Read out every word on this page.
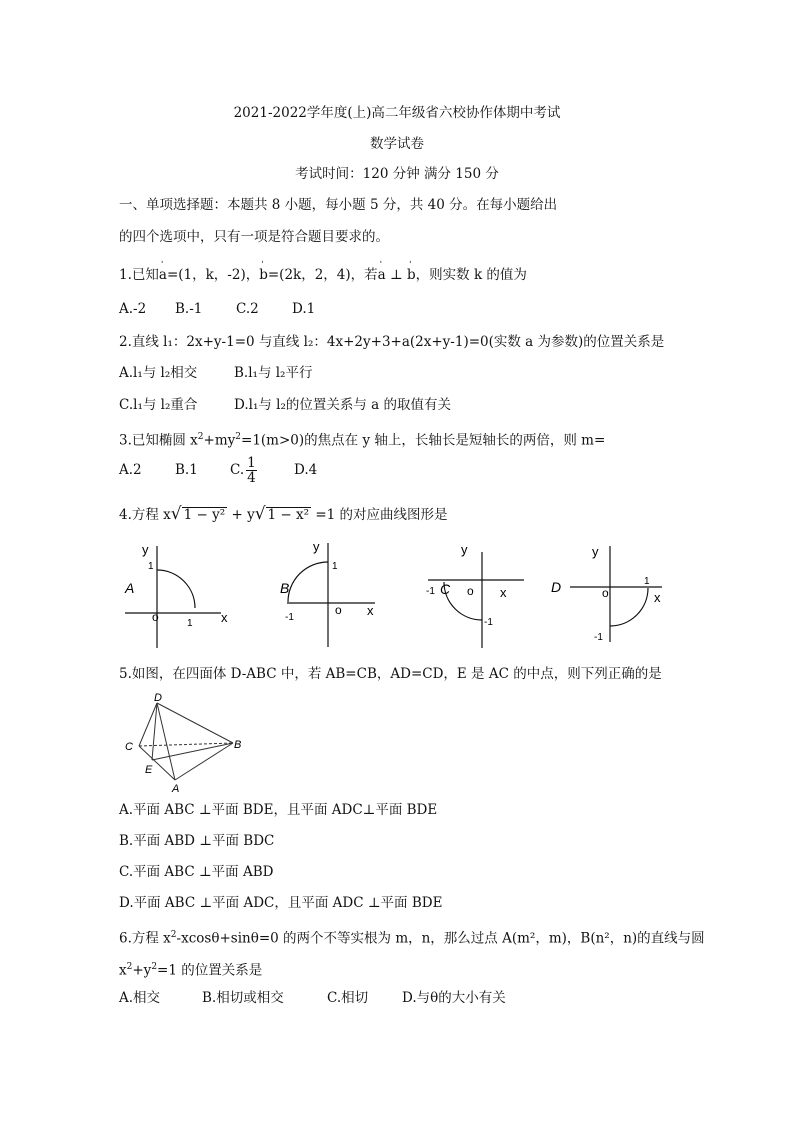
2021-2022学年度(上)高二年级省六校协作体期中考试
数学试卷
考试时间：120 分钟 满分 150 分
一、单项选择题：本题共 8 小题，每小题 5 分，共 40 分。在每小题给出
的四个选项中，只有一项是符合题目要求的。
1.已知ˈ a=(1，k，-2)，ˈ b=(2k，2，4)，若ˈ a ⊥ ˈ b，则实数 k 的值为
A.-2 B.-1 C.2 D.1
2.直线 l₁：2x+y-1=0 与直线 l₂：4x+2y+3+a(2x+y-1)=0(实数 a 为参数)的位置关系是
A.l₁与 l₂相交	B.l₁与 l₂平行
C.l₁与 l₂重合	D.l₁与 l₂的位置关系与 a 的取值有关
3.已知椭圆 $x^2+my^2=1(m>0)$的焦点在 y 轴上，长轴长是短轴长的两倍，则 m=
A.2 B.1 C. $\frac{1}{4}$	D.4
4.方程 x√ 1 − y² + y√ 1 − x² =1 的对应曲线图形是
y
x
1
1
o
A
y
x
1
-1
o
B
y
x
-1
-1
o
C
y
x
1
-1
o
D
5.如图，在四面体 D-ABC 中，若 AB=CB，AD=CD，E 是 AC 的中点，则下列正确的是
D
C	B
E
A
A.平面 ABC ⊥平面 BDE，且平面 ADC⊥平面 BDE
B.平面 ABD ⊥平面 BDC
C.平面 ABC ⊥平面 ABD
D.平面 ABC ⊥平面 ADC，且平面 ADC ⊥平面 BDE
6.方程 $x^2-xcos\theta+\sin\theta=0$ 的两个不等实根为 m，n，那么过点 A(m²，m)，B(n²，n)的直线与圆
$x^2+y^2=1$ 的位置关系是
A.相交	B.相切或相交	C.相切	D.与θ的大小有关
